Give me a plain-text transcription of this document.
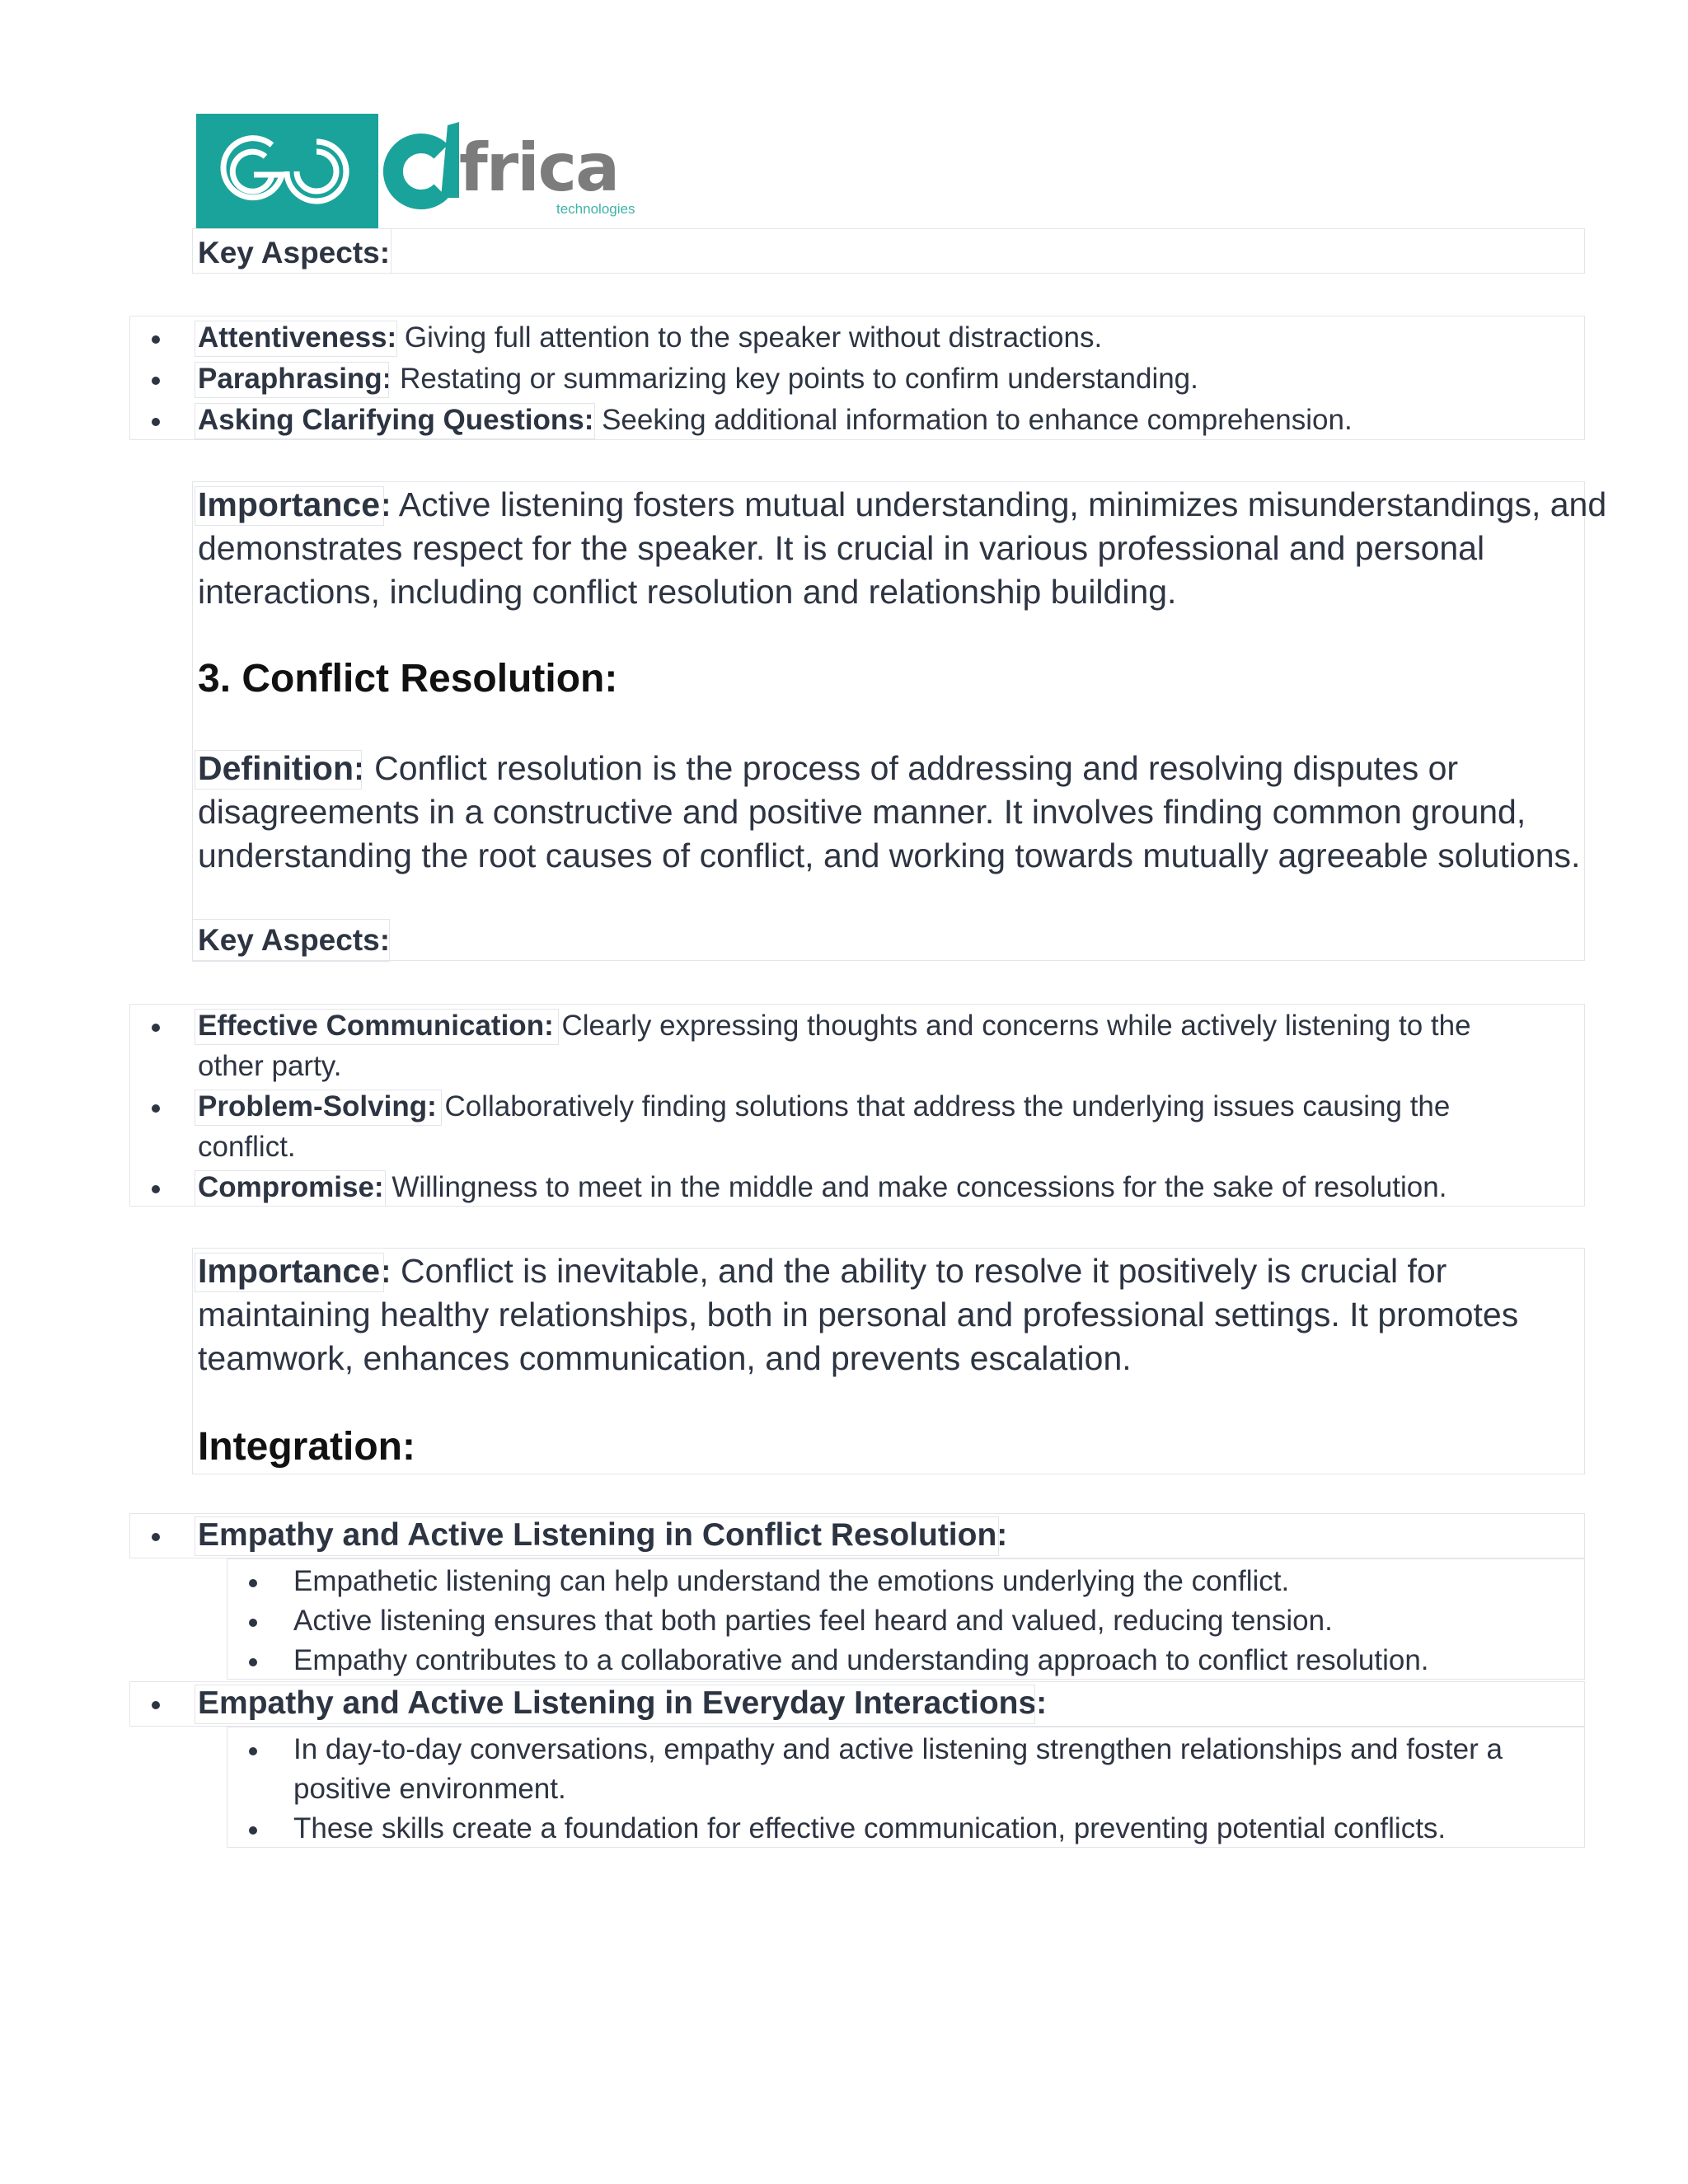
frica
technologies
Key Aspects:
Attentiveness: Giving full attention to the speaker without distractions.
Paraphrasing: Restating or summarizing key points to confirm understanding.
Asking Clarifying Questions: Seeking additional information to enhance comprehension.
Importance: Active listening fosters mutual understanding, minimizes misunderstandings, and
demonstrates respect for the speaker. It is crucial in various professional and personal
interactions, including conflict resolution and relationship building.
3. Conflict Resolution:
Definition: Conflict resolution is the process of addressing and resolving disputes or
disagreements in a constructive and positive manner. It involves finding common ground,
understanding the root causes of conflict, and working towards mutually agreeable solutions.
Key Aspects:
Effective Communication: Clearly expressing thoughts and concerns while actively listening to the
other party.
Problem-Solving: Collaboratively finding solutions that address the underlying issues causing the
conflict.
Compromise: Willingness to meet in the middle and make concessions for the sake of resolution.
Importance: Conflict is inevitable, and the ability to resolve it positively is crucial for
maintaining healthy relationships, both in personal and professional settings. It promotes
teamwork, enhances communication, and prevents escalation.
Integration:
Empathy and Active Listening in Conflict Resolution:
Empathetic listening can help understand the emotions underlying the conflict.
Active listening ensures that both parties feel heard and valued, reducing tension.
Empathy contributes to a collaborative and understanding approach to conflict resolution.
Empathy and Active Listening in Everyday Interactions:
In day-to-day conversations, empathy and active listening strengthen relationships and foster a
positive environment.
These skills create a foundation for effective communication, preventing potential conflicts.
